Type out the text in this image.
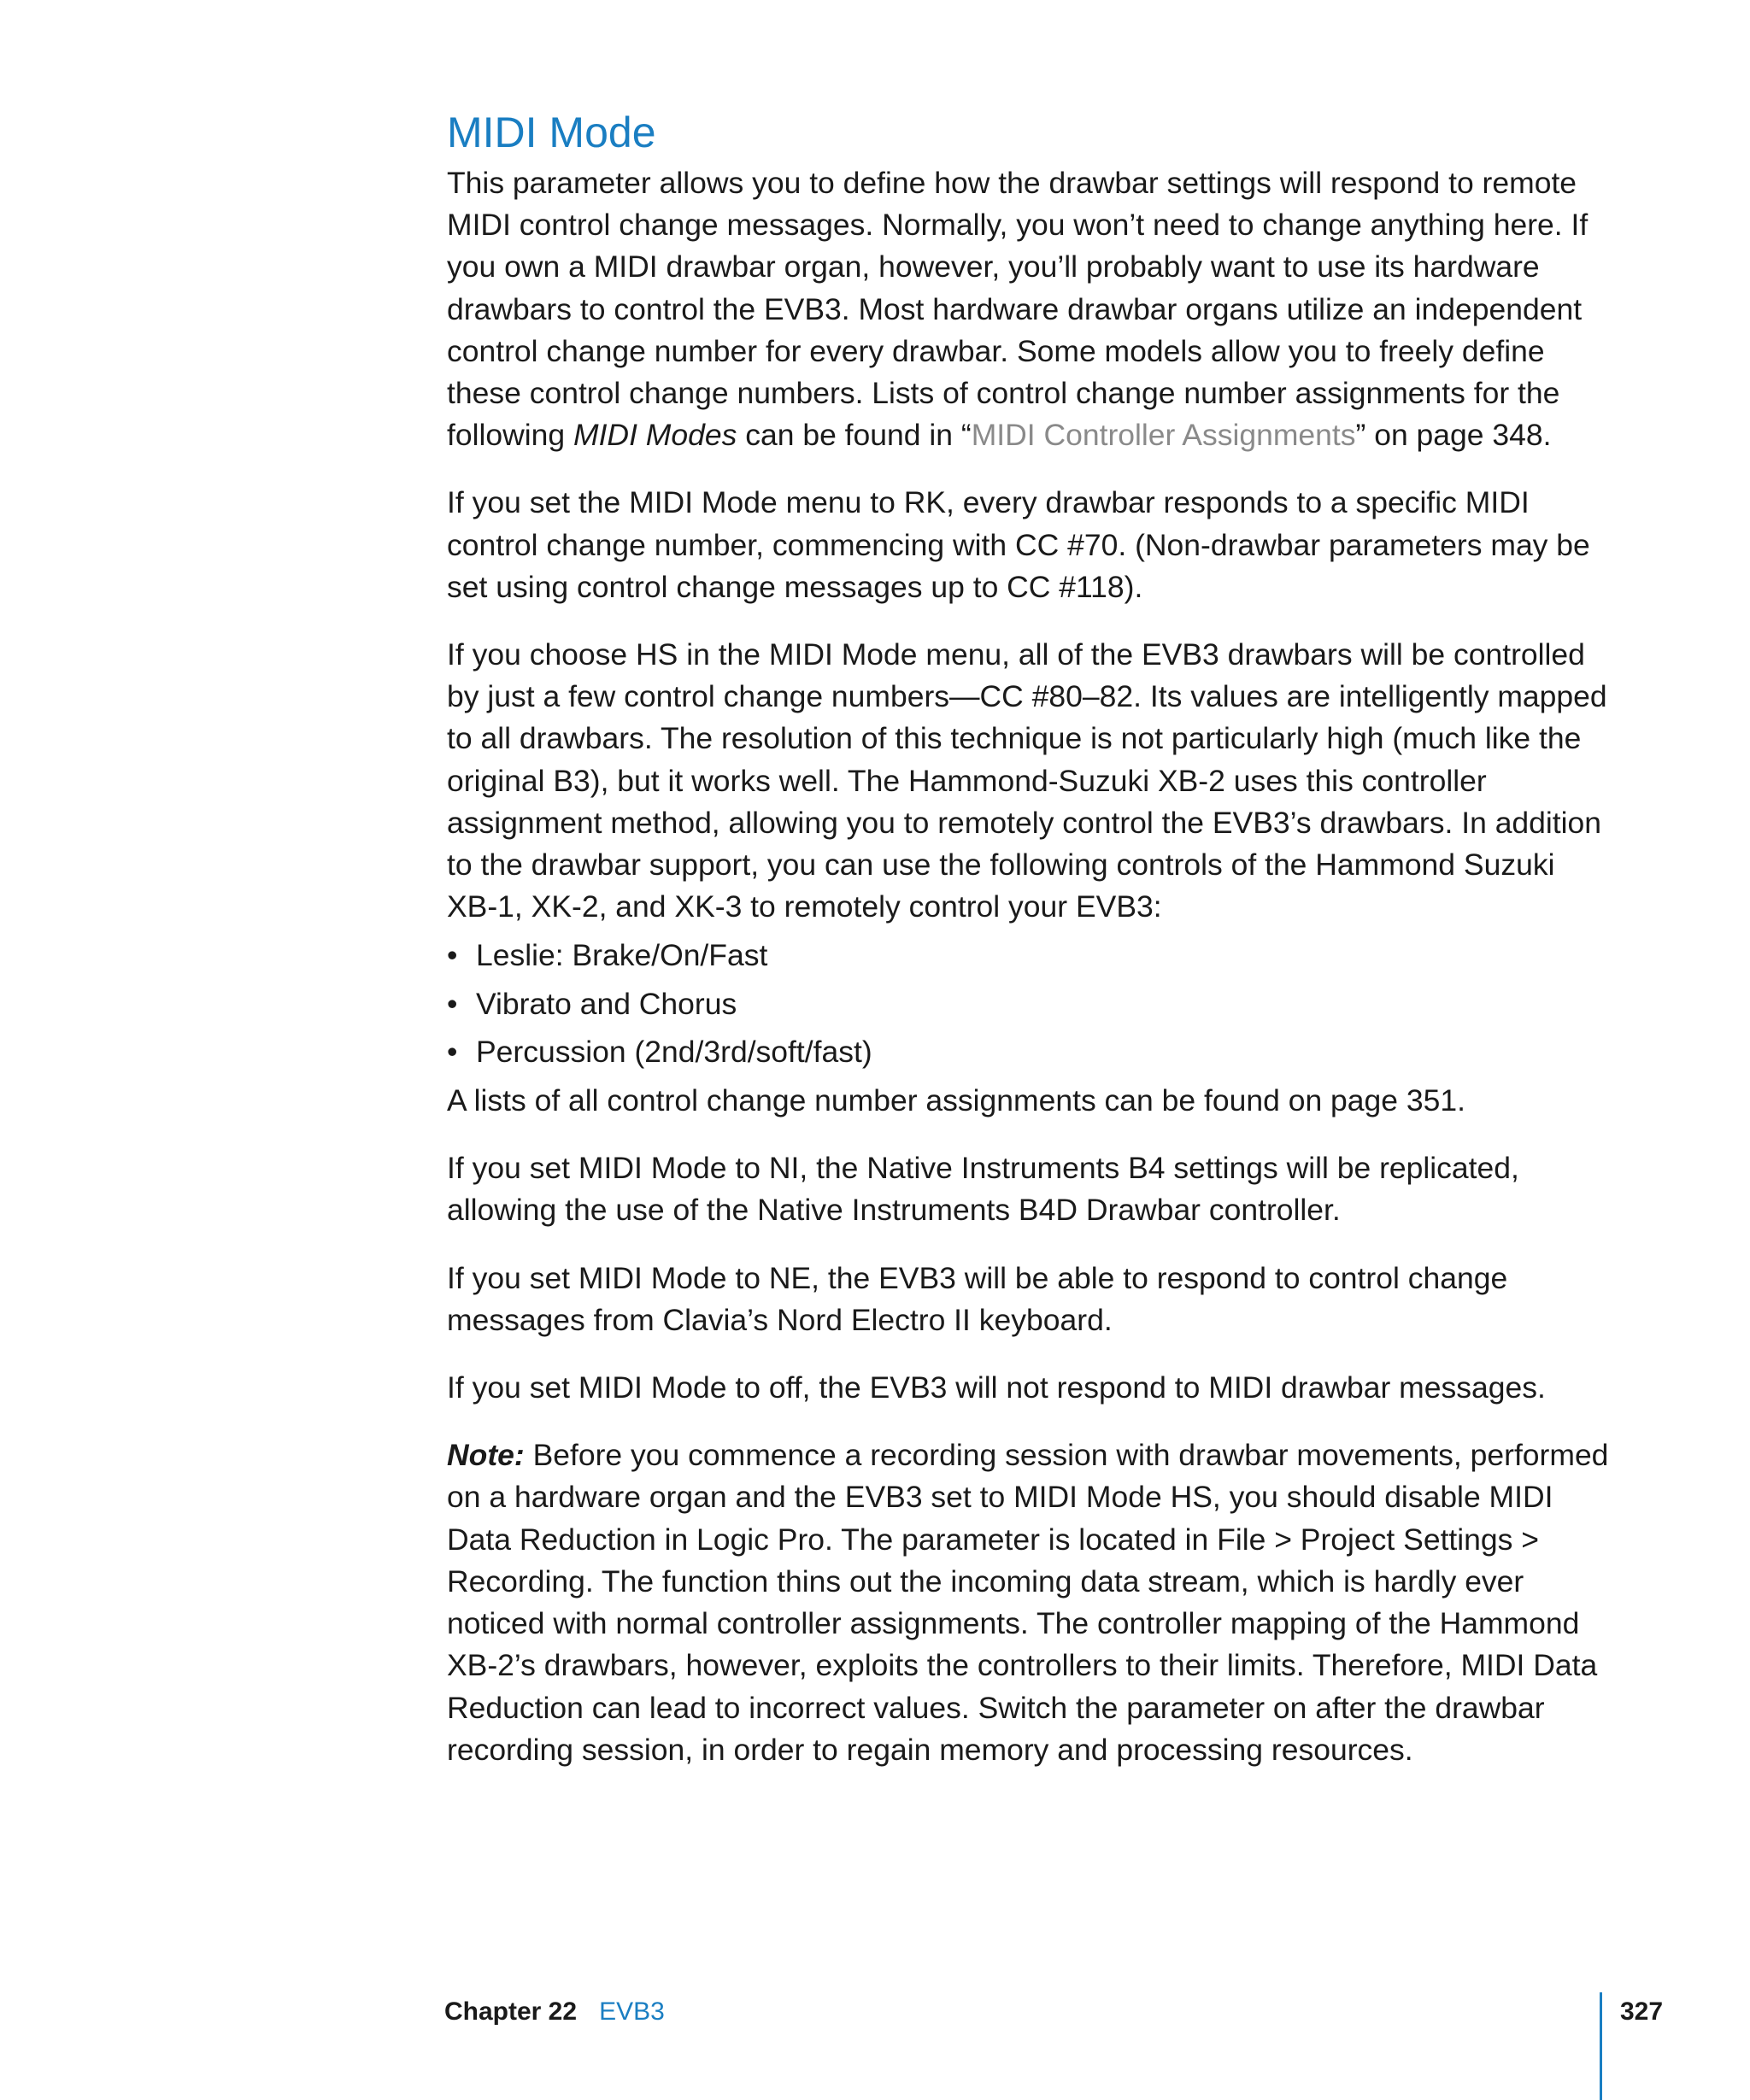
MIDI Mode

This parameter allows you to define how the drawbar settings will respond to remote MIDI control change messages. Normally, you won’t need to change anything here. If you own a MIDI drawbar organ, however, you’ll probably want to use its hardware drawbars to control the EVB3. Most hardware drawbar organs utilize an independent control change number for every drawbar. Some models allow you to freely define these control change numbers. Lists of control change number assignments for the following MIDI Modes can be found in “MIDI Controller Assignments” on page 348.

If you set the MIDI Mode menu to RK, every drawbar responds to a specific MIDI control change number, commencing with CC #70. (Non-drawbar parameters may be set using control change messages up to CC #118).

If you choose HS in the MIDI Mode menu, all of the EVB3 drawbars will be controlled by just a few control change numbers—CC #80–82. Its values are intelligently mapped to all drawbars. The resolution of this technique is not particularly high (much like the original B3), but it works well. The Hammond-Suzuki XB-2 uses this controller assignment method, allowing you to remotely control the EVB3’s drawbars. In addition to the drawbar support, you can use the following controls of the Hammond Suzuki XB-1, XK-2, and XK-3 to remotely control your EVB3:

• Leslie: Brake/On/Fast
• Vibrato and Chorus
• Percussion (2nd/3rd/soft/fast)

A lists of all control change number assignments can be found on page 351.

If you set MIDI Mode to NI, the Native Instruments B4 settings will be replicated, allowing the use of the Native Instruments B4D Drawbar controller.

If you set MIDI Mode to NE, the EVB3 will be able to respond to control change messages from Clavia’s Nord Electro II keyboard.

If you set MIDI Mode to off, the EVB3 will not respond to MIDI drawbar messages.

Note: Before you commence a recording session with drawbar movements, performed on a hardware organ and the EVB3 set to MIDI Mode HS, you should disable MIDI Data Reduction in Logic Pro. The parameter is located in File > Project Settings > Recording. The function thins out the incoming data stream, which is hardly ever noticed with normal controller assignments. The controller mapping of the Hammond XB-2’s drawbars, however, exploits the controllers to their limits. Therefore, MIDI Data Reduction can lead to incorrect values. Switch the parameter on after the drawbar recording session, in order to regain memory and processing resources.

Chapter 22 EVB3	327
